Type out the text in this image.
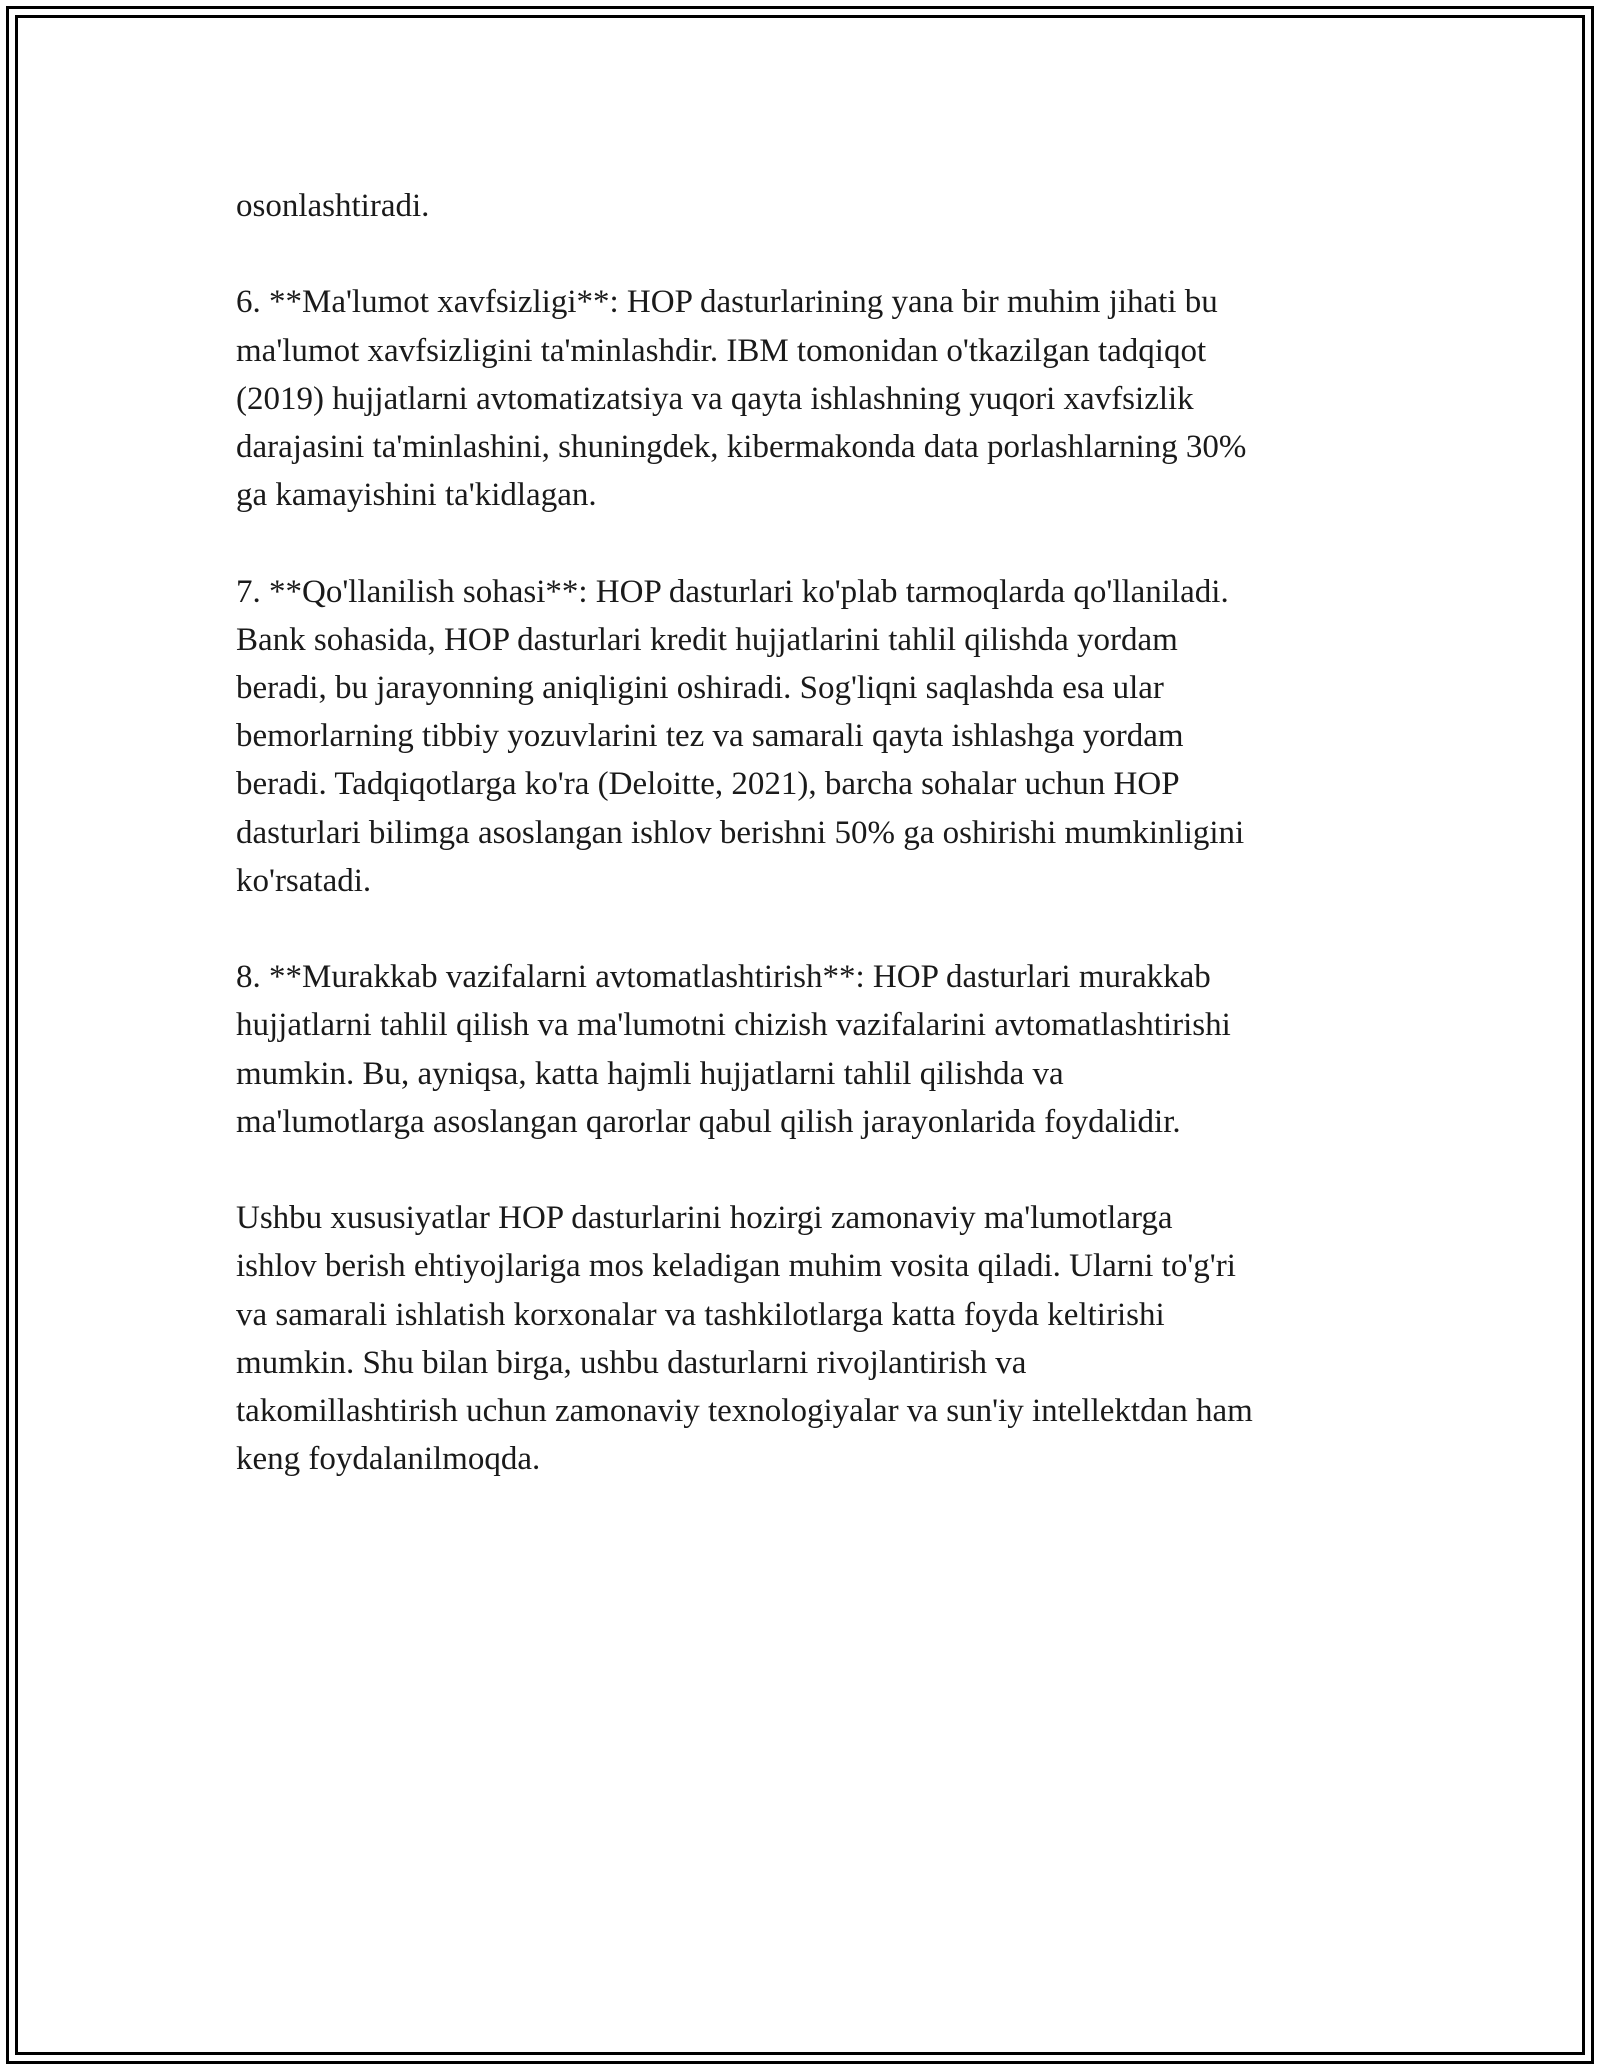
osonlashtiradi.
6. **Ma'lumot xavfsizligi**: HOP dasturlarining yana bir muhim jihati bu
ma'lumot xavfsizligini ta'minlashdir. IBM tomonidan o'tkazilgan tadqiqot
(2019) hujjatlarni avtomatizatsiya va qayta ishlashning yuqori xavfsizlik
darajasini ta'minlashini, shuningdek, kibermakonda data porlashlarning 30%
ga kamayishini ta'kidlagan.
7. **Qo'llanilish sohasi**: HOP dasturlari ko'plab tarmoqlarda qo'llaniladi.
Bank sohasida, HOP dasturlari kredit hujjatlarini tahlil qilishda yordam
beradi, bu jarayonning aniqligini oshiradi. Sog'liqni saqlashda esa ular
bemorlarning tibbiy yozuvlarini tez va samarali qayta ishlashga yordam
beradi. Tadqiqotlarga ko'ra (Deloitte, 2021), barcha sohalar uchun HOP
dasturlari bilimga asoslangan ishlov berishni 50% ga oshirishi mumkinligini
ko'rsatadi.
8. **Murakkab vazifalarni avtomatlashtirish**: HOP dasturlari murakkab
hujjatlarni tahlil qilish va ma'lumotni chizish vazifalarini avtomatlashtirishi
mumkin. Bu, ayniqsa, katta hajmli hujjatlarni tahlil qilishda va
ma'lumotlarga asoslangan qarorlar qabul qilish jarayonlarida foydalidir.
Ushbu xususiyatlar HOP dasturlarini hozirgi zamonaviy ma'lumotlarga
ishlov berish ehtiyojlariga mos keladigan muhim vosita qiladi. Ularni to'g'ri
va samarali ishlatish korxonalar va tashkilotlarga katta foyda keltirishi
mumkin. Shu bilan birga, ushbu dasturlarni rivojlantirish va
takomillashtirish uchun zamonaviy texnologiyalar va sun'iy intellektdan ham
keng foydalanilmoqda.
